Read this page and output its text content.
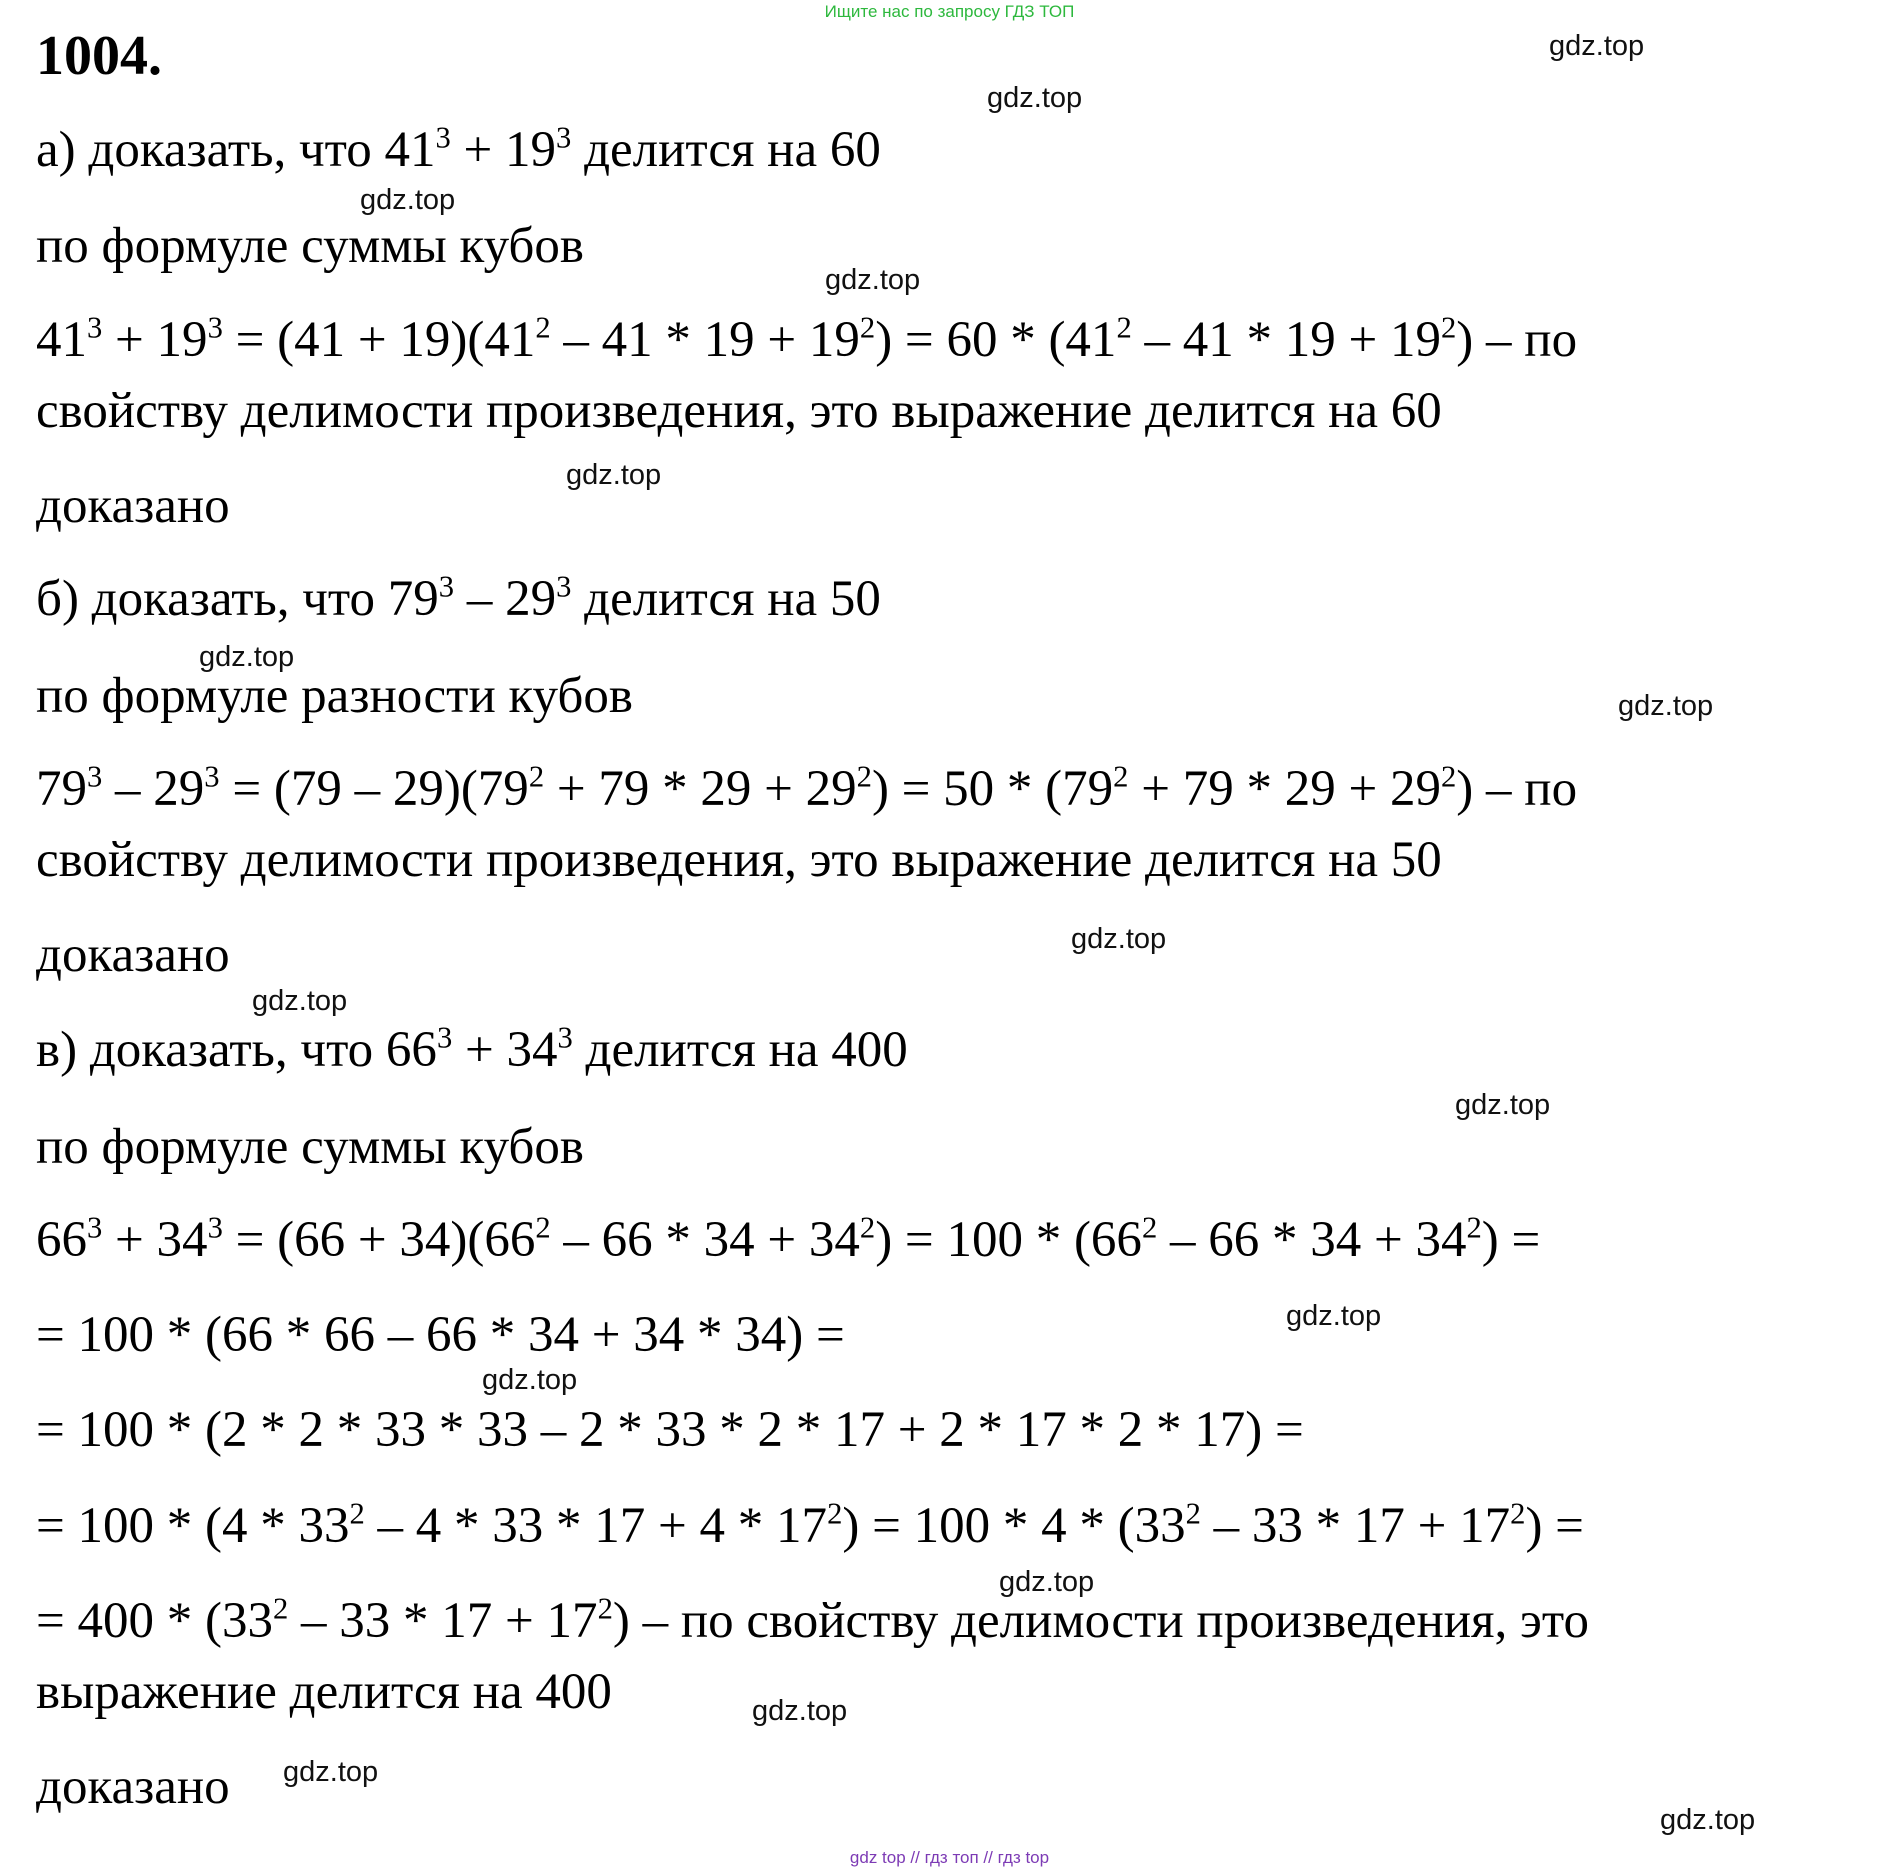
Ищите нас по запросу ГДЗ ТОП
1004.
а) доказать, что $41^3 + 19^3$ делится на 60
по формуле суммы кубов
$41^3 + 19^3 = (41 + 19)(41^2 - 41 * 19 + 19^2) = 60 * (41^2 - 41 * 19 + 19^2)$ – по
свойству делимости произведения, это выражение делится на 60
доказано
б) доказать, что $79^3 - 29^3$ делится на 50
по формуле разности кубов
$79^3 - 29^3 = (79 - 29)(79^2 + 79 * 29 + 29^2) = 50 * (79^2 + 79 * 29 + 29^2)$ – по
свойству делимости произведения, это выражение делится на 50
доказано
в) доказать, что $66^3 + 34^3$ делится на 400
по формуле суммы кубов
$66^3 + 34^3 = (66 + 34)(66^2 - 66 * 34 + 34^2) = 100 * (66^2 - 66 * 34 + 34^2)$ =
= 100 * (66 * 66 – 66 * 34 + 34 * 34) =
= 100 * (2 * 2 * 33 * 33 – 2 * 33 * 2 * 17 + 2 * 17 * 2 * 17) =
= $100 * (4 * 33^2 - 4 * 33 * 17 + 4 * 17^2) = 100 * 4 * (33^2 - 33 * 17 + 17^2)$ =
= $400 * (33^2 - 33 * 17 + 17^2)$ – по свойству делимости произведения, это
выражение делится на 400
доказано
gdz.top
gdz.top
gdz.top
gdz.top
gdz.top
gdz.top
gdz.top
gdz.top
gdz.top
gdz.top
gdz.top
gdz.top
gdz.top
gdz.top
gdz.top
gdz.top
gdz top // гдз топ // гдз top
